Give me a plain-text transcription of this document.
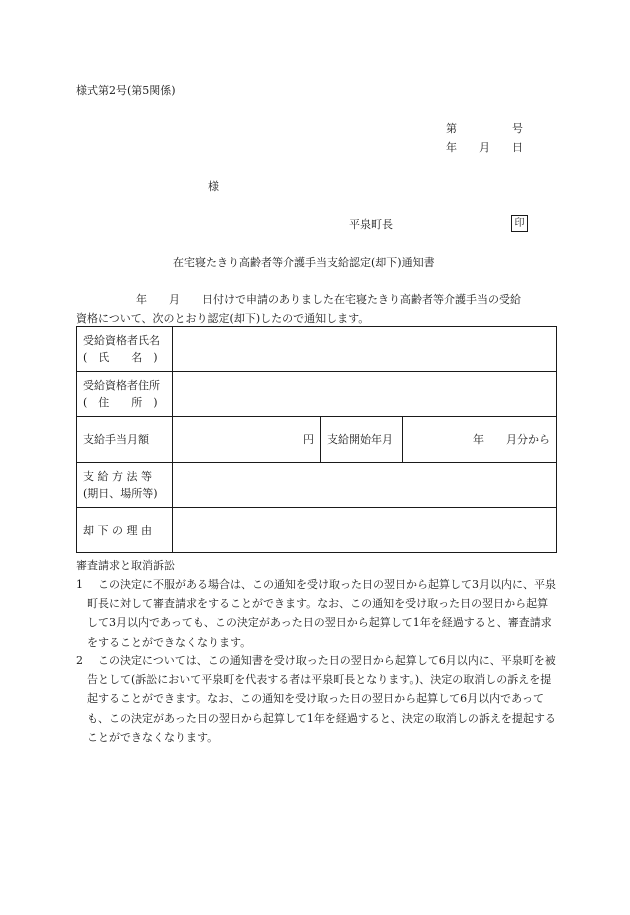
様式第2号(第5関係)
第　　　　　号
年　　月　　日
様
平泉町長	印
在宅寝たきり高齢者等介護手当支給認定(却下)通知書
年　　月　　日付けで申請のありました在宅寝たきり高齢者等介護手当の受給
資格について、次のとおり認定(却下)したので通知します。
受給資格者氏名
(　氏　　名　)			

受給資格者住所
(　住　　所　)			

支給手当月額	円	支給開始年月	年　　月分から

支 給 方 法 等
(期日、場所等)			

却 下 の 理 由			
審査請求と取消訴訟
1	この決定に不服がある場合は、この通知を受け取った日の翌日から起算して3月以内に、平泉町長に対して審査請求をすることができます。なお、この通知を受け取った日の翌日から起算して3月以内であっても、この決定があった日の翌日から起算して1年を経過すると、審査請求をすることができなくなります。
2	この決定については、この通知書を受け取った日の翌日から起算して6月以内に、平泉町を被告として(訴訟において平泉町を代表する者は平泉町長となります。)、決定の取消しの訴えを提起することができます。なお、この通知を受け取った日の翌日から起算して6月以内であっても、この決定があった日の翌日から起算して1年を経過すると、決定の取消しの訴えを提起することができなくなります。
